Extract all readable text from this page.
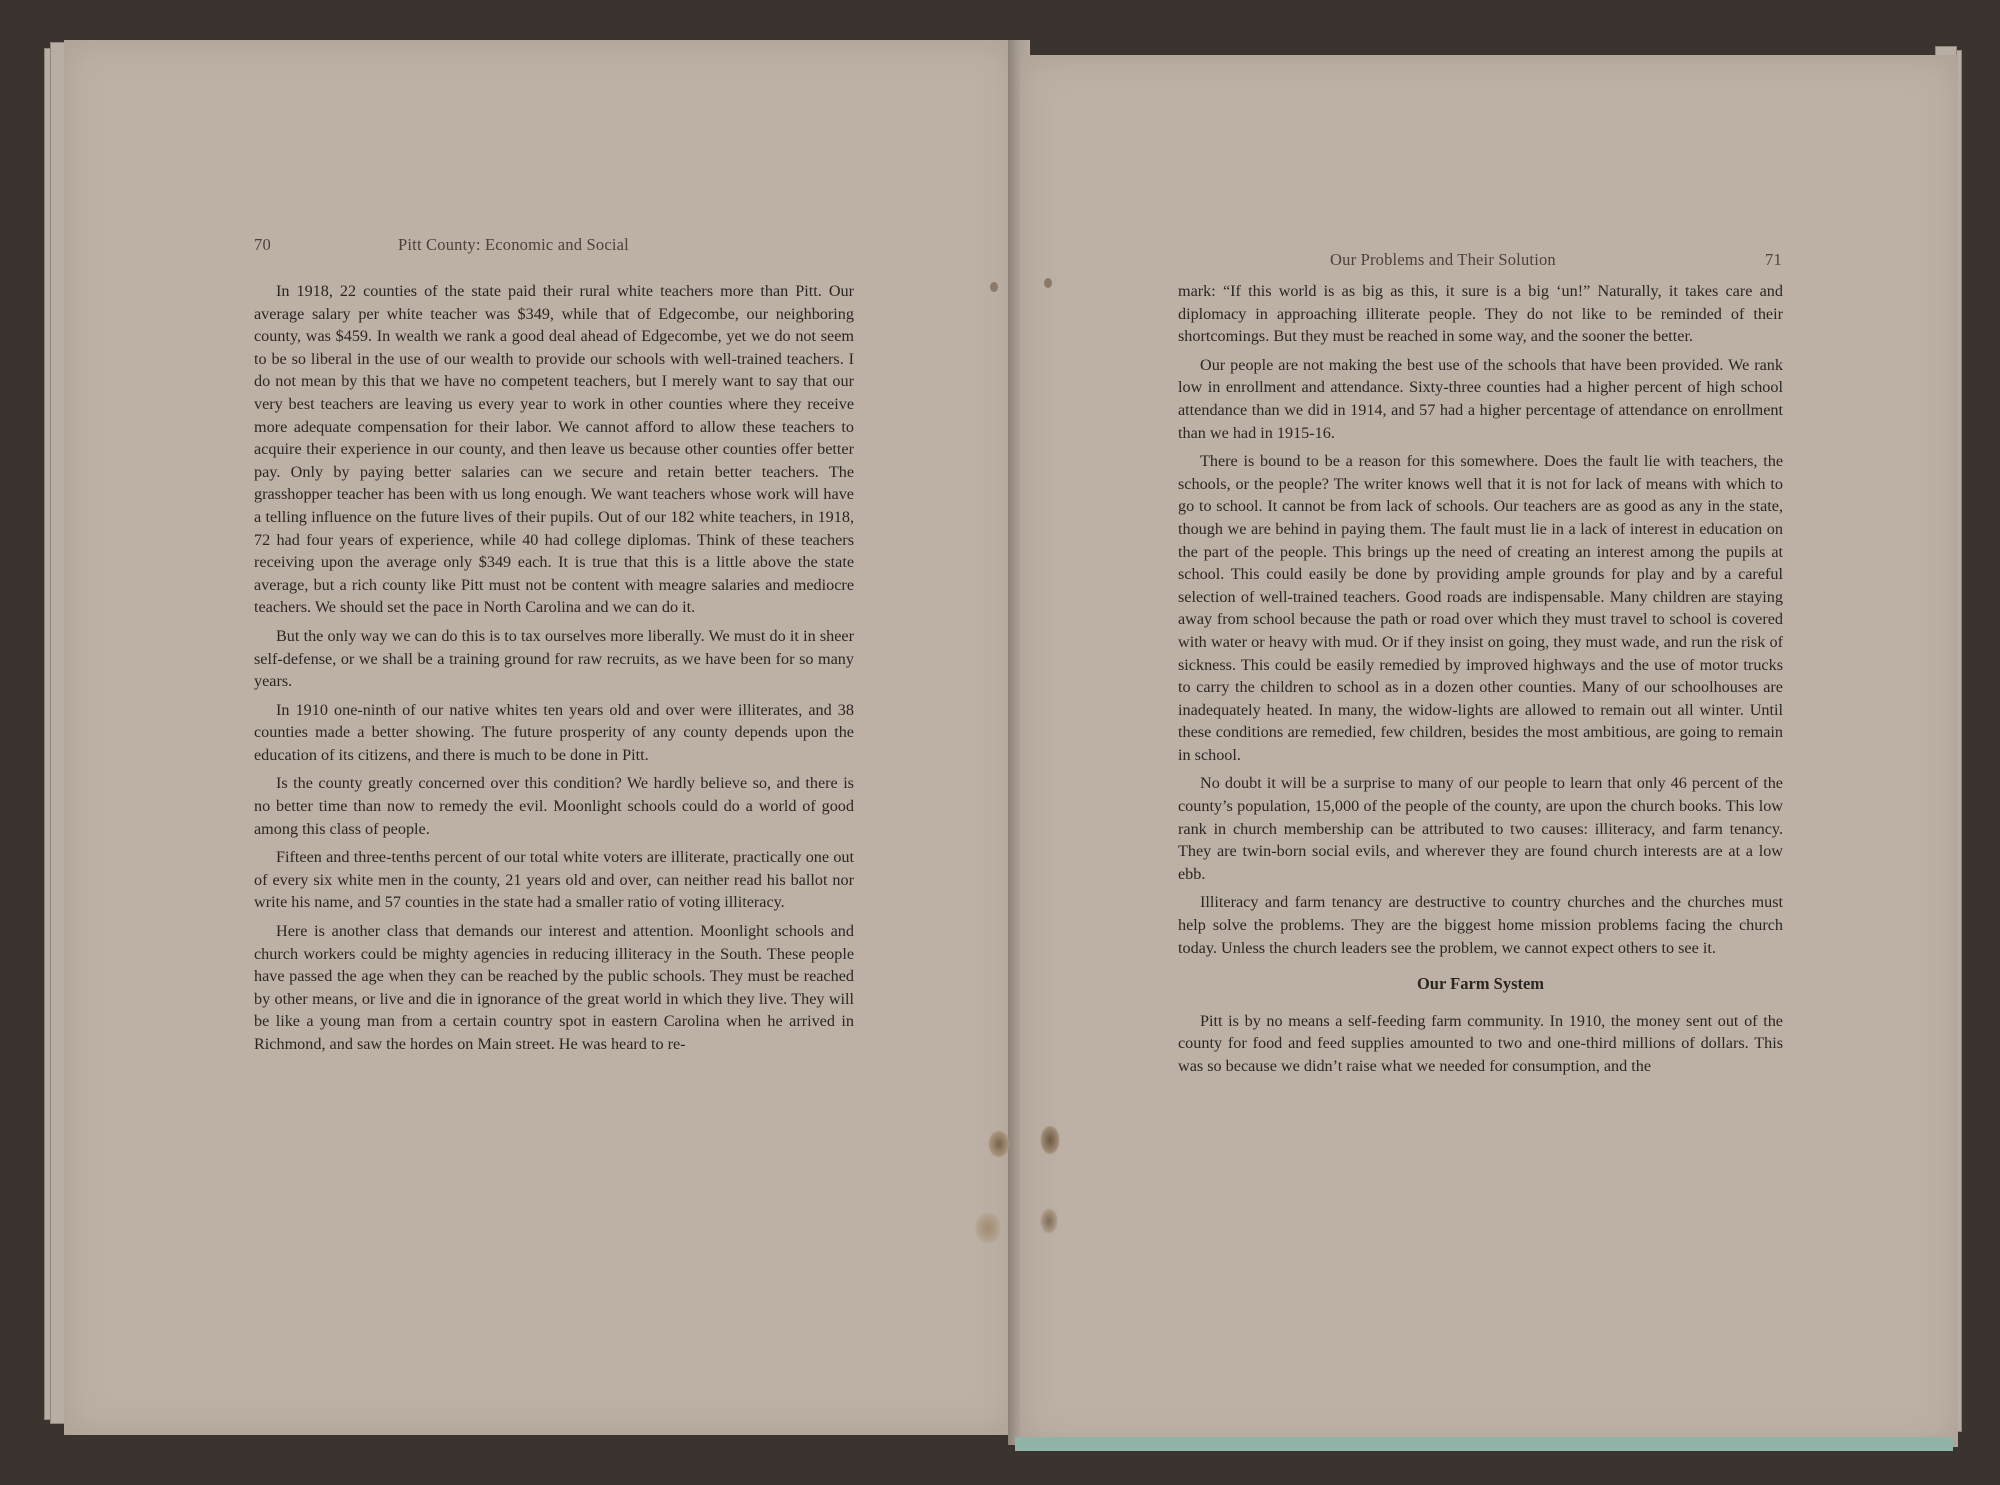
70	Pitt County: Economic and Social

In 1918, 22 counties of the state paid their rural white teachers more than Pitt. Our average salary per white teacher was $349, while that of Edgecombe, our neighboring county, was $459. In wealth we rank a good deal ahead of Edgecombe, yet we do not seem to be so liberal in the use of our wealth to provide our schools with well-trained teachers. I do not mean by this that we have no competent teachers, but I merely want to say that our very best teachers are leaving us every year to work in other counties where they receive more adequate compensation for their labor. We cannot afford to allow these teachers to acquire their experience in our county, and then leave us because other counties offer better pay. Only by paying better salaries can we secure and retain better teachers. The grasshopper teacher has been with us long enough. We want teachers whose work will have a telling influence on the future lives of their pupils. Out of our 182 white teachers, in 1918, 72 had four years of experience, while 40 had college diplomas. Think of these teachers receiving upon the average only $349 each. It is true that this is a little above the state average, but a rich county like Pitt must not be content with meagre salaries and mediocre teachers. We should set the pace in North Carolina and we can do it.

But the only way we can do this is to tax ourselves more liberally. We must do it in sheer self-defense, or we shall be a training ground for raw recruits, as we have been for so many years.

In 1910 one-ninth of our native whites ten years old and over were illiterates, and 38 counties made a better showing. The future prosperity of any county depends upon the education of its citizens, and there is much to be done in Pitt.

Is the county greatly concerned over this condition? We hardly believe so, and there is no better time than now to remedy the evil. Moonlight schools could do a world of good among this class of people.

Fifteen and three-tenths percent of our total white voters are illiterate, practically one out of every six white men in the county, 21 years old and over, can neither read his ballot nor write his name, and 57 counties in the state had a smaller ratio of voting illiteracy.

Here is another class that demands our interest and attention. Moonlight schools and church workers could be mighty agencies in reducing illiteracy in the South. These people have passed the age when they can be reached by the public schools. They must be reached by other means, or live and die in ignorance of the great world in which they live. They will be like a young man from a certain country spot in eastern Carolina when he arrived in Richmond, and saw the hordes on Main street. He was heard to re-

Our Problems and Their Solution	71

mark: “If this world is as big as this, it sure is a big ‘un!” Naturally, it takes care and diplomacy in approaching illiterate people. They do not like to be reminded of their shortcomings. But they must be reached in some way, and the sooner the better.

Our people are not making the best use of the schools that have been provided. We rank low in enrollment and attendance. Sixty-three counties had a higher percent of high school attendance than we did in 1914, and 57 had a higher percentage of attendance on enrollment than we had in 1915-16.

There is bound to be a reason for this somewhere. Does the fault lie with teachers, the schools, or the people? The writer knows well that it is not for lack of means with which to go to school. It cannot be from lack of schools. Our teachers are as good as any in the state, though we are behind in paying them. The fault must lie in a lack of interest in education on the part of the people. This brings up the need of creating an interest among the pupils at school. This could easily be done by providing ample grounds for play and by a careful selection of well-trained teachers. Good roads are indispensable. Many children are staying away from school because the path or road over which they must travel to school is covered with water or heavy with mud. Or if they insist on going, they must wade, and run the risk of sickness. This could be easily remedied by improved highways and the use of motor trucks to carry the children to school as in a dozen other counties. Many of our schoolhouses are inadequately heated. In many, the widow-lights are allowed to remain out all winter. Until these conditions are remedied, few children, besides the most ambitious, are going to remain in school.

No doubt it will be a surprise to many of our people to learn that only 46 percent of the county’s population, 15,000 of the people of the county, are upon the church books. This low rank in church membership can be attributed to two causes: illiteracy, and farm tenancy. They are twin-born social evils, and wherever they are found church interests are at a low ebb.

Illiteracy and farm tenancy are destructive to country churches and the churches must help solve the problems. They are the biggest home mission problems facing the church today. Unless the church leaders see the problem, we cannot expect others to see it.

Our Farm System

Pitt is by no means a self-feeding farm community. In 1910, the money sent out of the county for food and feed supplies amounted to two and one-third millions of dollars. This was so because we didn’t raise what we needed for consumption, and the
